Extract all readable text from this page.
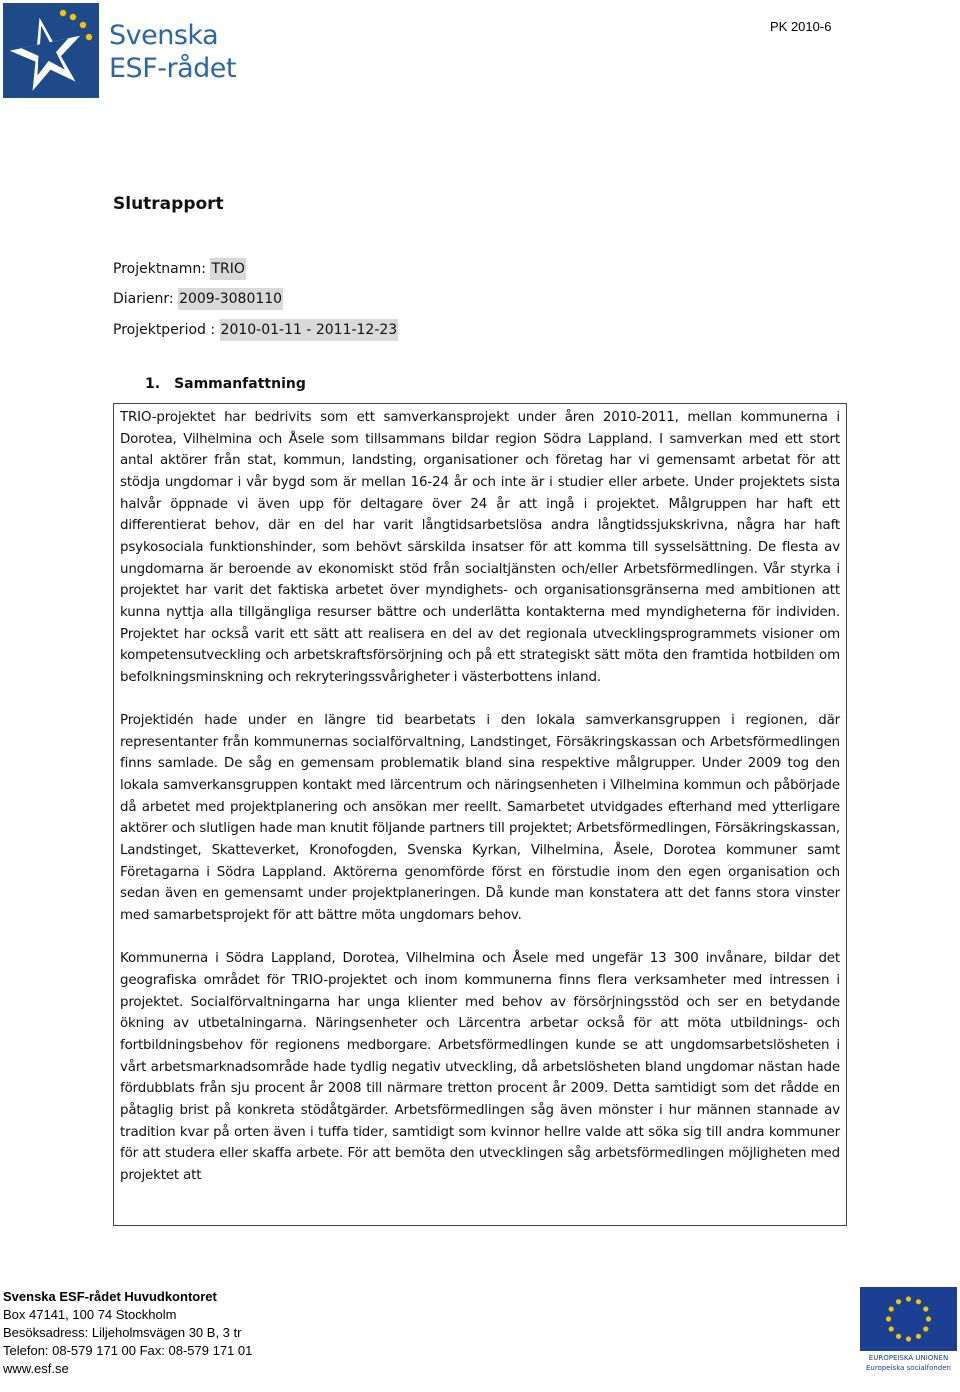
Svenska
ESF-rådet
PK 2010-6
Slutrapport
Projektnamn: TRIO
Diarienr: 2009-3080110
Projektperiod : 2010-01-11 - 2011-12-23
1. Sammanfattning

TRIO-projektet har bedrivits som ett samverkansprojekt under åren 2010-2011, mellan kommunerna i Dorotea, Vilhelmina och Åsele som tillsammans bildar region Södra Lappland. I samverkan med ett stort antal aktörer från stat, kommun, landsting, organisationer och företag har vi gemensamt arbetat för att stödja ungdomar i vår bygd som är mellan 16-24 år och inte är i studier eller arbete. Under projektets sista halvår öppnade vi även upp för deltagare över 24 år att ingå i projektet. Målgruppen har haft ett differentierat behov, där en del har varit långtidsarbetslösa andra långtidssjukskrivna, några har haft psykosociala funktionshinder, som behövt särskilda insatser för att komma till sysselsättning. De flesta av ungdomarna är beroende av ekonomiskt stöd från socialtjänsten och/eller Arbetsförmedlingen. Vår styrka i projektet har varit det faktiska arbetet över myndighets- och organisationsgränserna med ambitionen att kunna nyttja alla tillgängliga resurser bättre och underlätta kontakterna med myndigheterna för individen. Projektet har också varit ett sätt att realisera en del av det regionala utvecklingsprogrammets visioner om kompetensutveckling och arbetskraftsförsörjning och på ett strategiskt sätt möta den framtida hotbilden om befolkningsminskning och rekryteringssvårigheter i västerbottens inland.

Projektidén hade under en längre tid bearbetats i den lokala samverkansgruppen i regionen, där representanter från kommunernas socialförvaltning, Landstinget, Försäkringskassan och Arbetsförmedlingen finns samlade. De såg en gemensam problematik bland sina respektive målgrupper. Under 2009 tog den lokala samverkansgruppen kontakt med lärcentrum och näringsenheten i Vilhelmina kommun och påbörjade då arbetet med projektplanering och ansökan mer reellt. Samarbetet utvidgades efterhand med ytterligare aktörer och slutligen hade man knutit följande partners till projektet; Arbetsförmedlingen, Försäkringskassan, Landstinget, Skatteverket, Kronofogden, Svenska Kyrkan, Vilhelmina, Åsele, Dorotea kommuner samt Företagarna i Södra Lappland. Aktörerna genomförde först en förstudie inom den egen organisation och sedan även en gemensamt under projektplaneringen. Då kunde man konstatera att det fanns stora vinster med samarbetsprojekt för att bättre möta ungdomars behov.

Kommunerna i Södra Lappland, Dorotea, Vilhelmina och Åsele med ungefär 13 300 invånare, bildar det geografiska området för TRIO-projektet och inom kommunerna finns flera verksamheter med intressen i projektet. Socialförvaltningarna har unga klienter med behov av försörjningsstöd och ser en betydande ökning av utbetalningarna. Näringsenheter och Lärcentra arbetar också för att möta utbildnings- och fortbildningsbehov för regionens medborgare. Arbetsförmedlingen kunde se att ungdomsarbetslösheten i vårt arbetsmarknadsområde hade tydlig negativ utveckling, då arbetslösheten bland ungdomar nästan hade fördubblats från sju procent år 2008 till närmare tretton procent år 2009. Detta samtidigt som det rådde en påtaglig brist på konkreta stödåtgärder. Arbetsförmedlingen såg även mönster i hur männen stannade av tradition kvar på orten även i tuffa tider, samtidigt som kvinnor hellre valde att söka sig till andra kommuner för att studera eller skaffa arbete. För att bemöta den utvecklingen såg arbetsförmedlingen möjligheten med projektet att

Svenska ESF-rådet Huvudkontoret
Box 47141, 100 74 Stockholm
Besöksadress: Liljeholmsvägen 30 B, 3 tr
Telefon: 08-579 171 00 Fax: 08-579 171 01
www.esf.se
EUROPEISKA UNIONEN
Europeiska socialfonden
